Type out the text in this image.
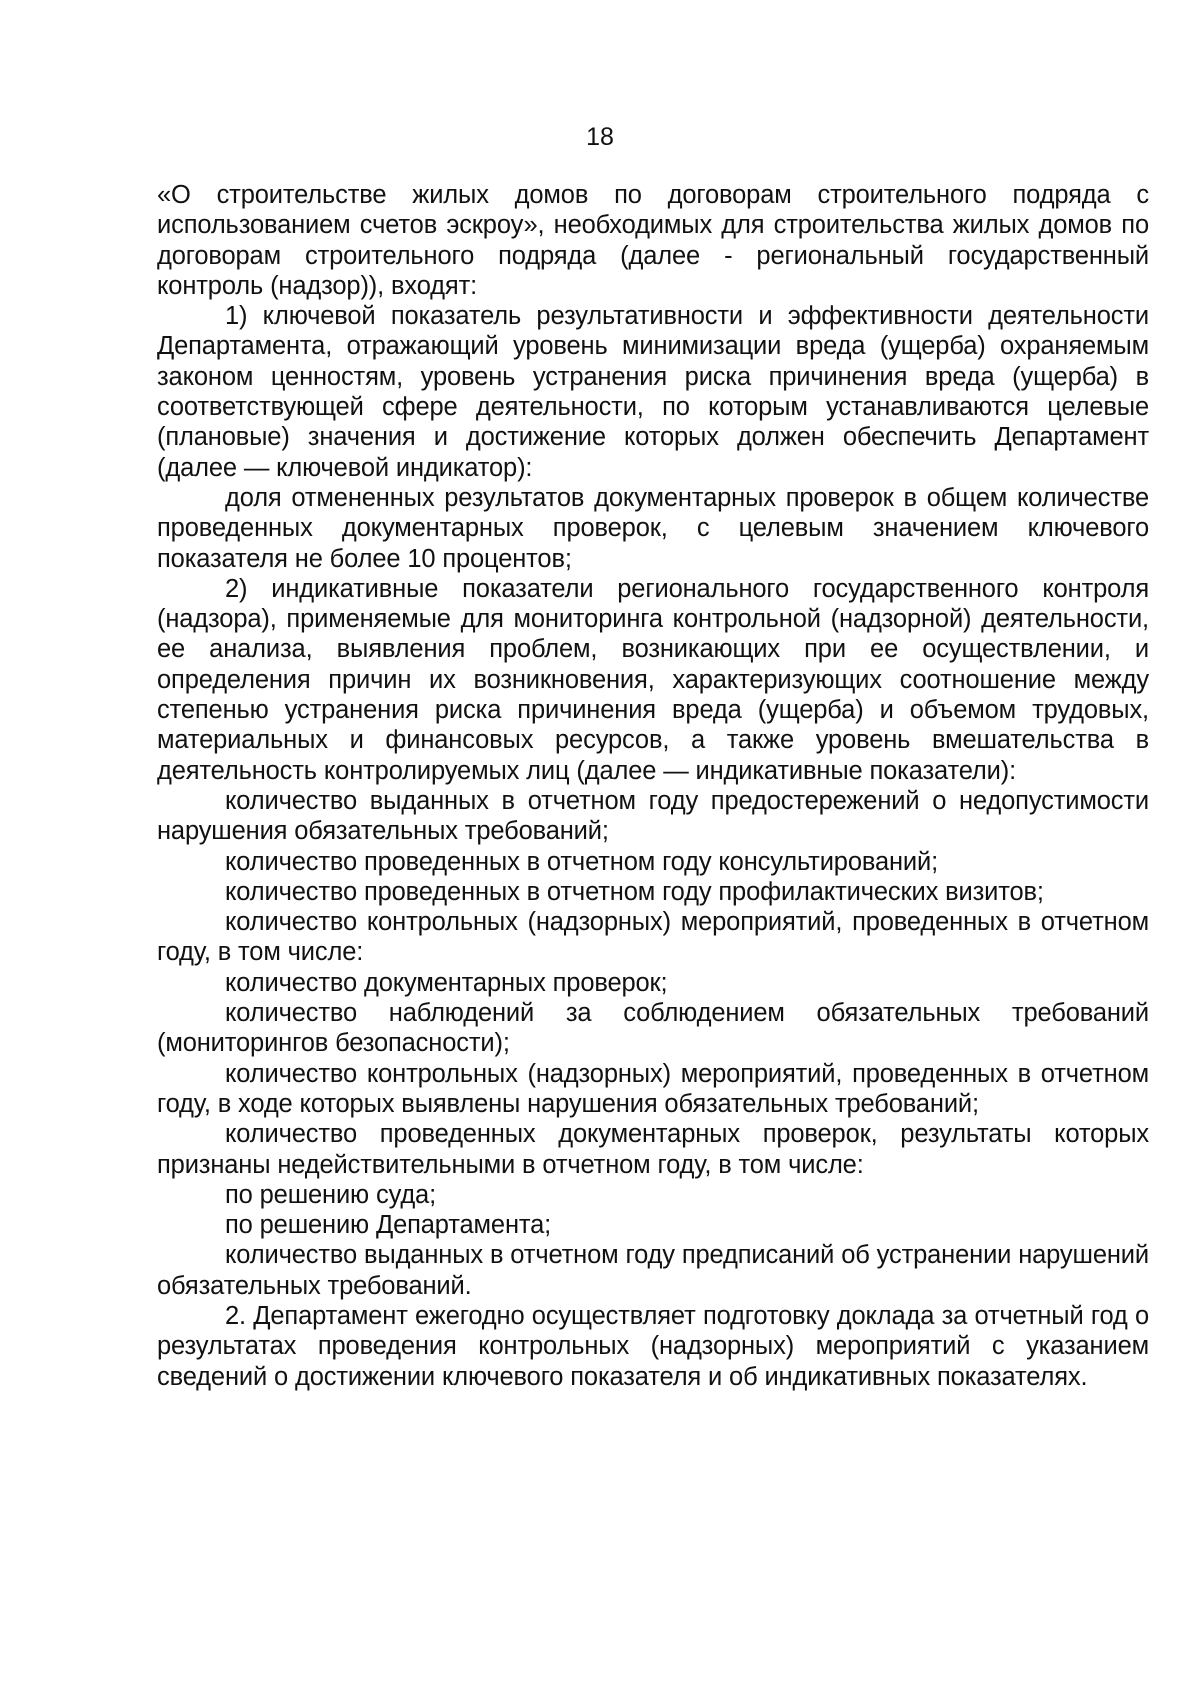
18

«О строительстве жилых домов по договорам строительного подряда с использованием счетов эскроу», необходимых для строительства жилых домов по договорам строительного подряда (далее - региональный государственный контроль (надзор)), входят:

1) ключевой показатель результативности и эффективности деятельности Департамента, отражающий уровень минимизации вреда (ущерба) охраняемым законом ценностям, уровень устранения риска причинения вреда (ущерба) в соответствующей сфере деятельности, по которым устанавливаются целевые (плановые) значения и достижение которых должен обеспечить Департамент (далее — ключевой индикатор):

доля отмененных результатов документарных проверок в общем количестве проведенных документарных проверок, с целевым значением ключевого показателя не более 10 процентов;

2) индикативные показатели регионального государственного контроля (надзора), применяемые для мониторинга контрольной (надзорной) деятельности, ее анализа, выявления проблем, возникающих при ее осуществлении, и определения причин их возникновения, характеризующих соотношение между степенью устранения риска причинения вреда (ущерба) и объемом трудовых, материальных и финансовых ресурсов, а также уровень вмешательства в деятельность контролируемых лиц (далее — индикативные показатели):

количество выданных в отчетном году предостережений о недопустимости нарушения обязательных требований;

количество проведенных в отчетном году консультирований;

количество проведенных в отчетном году профилактических визитов;

количество контрольных (надзорных) мероприятий, проведенных в отчетном году, в том числе:

количество документарных проверок;

количество наблюдений за соблюдением обязательных требований (мониторингов безопасности);

количество контрольных (надзорных) мероприятий, проведенных в отчетном году, в ходе которых выявлены нарушения обязательных требований;

количество проведенных документарных проверок, результаты которых признаны недействительными в отчетном году, в том числе:

по решению суда;

по решению Департамента;

количество выданных в отчетном году предписаний об устранении нарушений обязательных требований.

2. Департамент ежегодно осуществляет подготовку доклада за отчетный год о результатах проведения контрольных (надзорных) мероприятий с указанием сведений о достижении ключевого показателя и об индикативных показателях.
